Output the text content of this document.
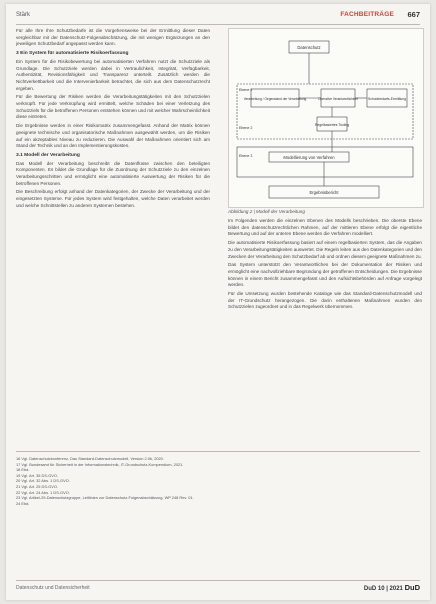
Stärk	FACHBEITRÄGE 667

Für alle Ihre Ihre Schutzbedarfe ist die Vorgehensweise bei der Ermittlung dieser Daten vergleichbar mit der Datenschutz-Folgenabschätzung, die mit wenigen Ergänzungen an den jeweiligen Schutzbedarf angepasst werden kann.

3 Ein System für automatisierte Risikoerfassung

Ein System für die Risikobewertung bei automatisierten Verfahren nutzt die Schutzziele als Grundlage. Die Schutzziele werden dabei in Vertraulichkeit, Integrität, Verfügbarkeit, Authentizität, Revisionsfähigkeit und Transparenz unterteilt. Zusätzlich werden die Nichtverkettbarkeit und die Intervenierbarkeit betrachtet, die sich aus dem Datenschutzrecht ergeben.

Für die Bewertung der Risiken werden die Verarbeitungstätigkeiten mit den Schutzzielen verknüpft. Für jede Verknüpfung wird ermittelt, welche Schäden bei einer Verletzung des Schutzziels für die betroffenen Personen entstehen können und mit welcher Wahrscheinlichkeit diese eintreten.

Die Ergebnisse werden in einer Risikomatrix zusammengefasst. Anhand der Matrix können geeignete technische und organisatorische Maßnahmen ausgewählt werden, um die Risiken auf ein akzeptables Niveau zu reduzieren. Die Auswahl der Maßnahmen orientiert sich am Stand der Technik und an den Implementierungskosten.

3.1 Modell der Verarbeitung

Das Modell der Verarbeitung beschreibt die Datenflüsse zwischen den beteiligten Komponenten. Es bildet die Grundlage für die Zuordnung der Schutzziele zu den einzelnen Verarbeitungsschritten und ermöglicht eine automatisierte Auswertung der Risiken für die betroffenen Personen.

Die Beschreibung erfolgt anhand der Datenkategorien, der Zwecke der Verarbeitung und der eingesetzten Systeme. Für jedes System wird festgehalten, welche Daten verarbeitet werden und welche Schnittstellen zu anderen Systemen bestehen.

Datenschutz
Verarbeitung / Gegenstand der Verarbeitung	Operative Verantwortlichkeit	Schutzbedarfs-Ermittlung
Regelbasiertes Tooling
Modellierung von Verfahren
Ergebnisbericht
Ebene 1
Ebene 2
Ebene 3
Abbildung 2 | Modell der Verarbeitung

Im Folgenden werden die einzelnen Ebenen des Modells beschrieben. Die oberste Ebene bildet den datenschutzrechtlichen Rahmen, auf der mittleren Ebene erfolgt die eigentliche Bewertung und auf der unteren Ebene werden die Verfahren modelliert.

Die automatisierte Risikoerfassung basiert auf einem regelbasierten System, das die Angaben zu den Verarbeitungstätigkeiten auswertet. Die Regeln leiten aus den Datenkategorien und den Zwecken der Verarbeitung den Schutzbedarf ab und ordnen diesem geeignete Maßnahmen zu.

Das System unterstützt den Verantwortlichen bei der Dokumentation der Risiken und ermöglicht eine nachvollziehbare Begründung der getroffenen Entscheidungen. Die Ergebnisse können in einem Bericht zusammengefasst und den Aufsichtsbehörden auf Anfrage vorgelegt werden.

Für die Umsetzung wurden bestehende Kataloge wie das Standard-Datenschutzmodell und der IT-Grundschutz herangezogen. Die darin enthaltenen Maßnahmen wurden den Schutzzielen zugeordnet und in das Regelwerk übernommen.

16 Vgl. Datenschutzkonferenz, Das Standard-Datenschutzmodell, Version 2.0b, 2020.
17 Vgl. Bundesamt für Sicherheit in der Informationstechnik, IT-Grundschutz-Kompendium, 2021.
18 Ebd.
19 Vgl. Art. 35 DS-GVO.
20 Vgl. Art. 32 Abs. 1 DS-GVO.
21 Vgl. Art. 25 DS-GVO.
22 Vgl. Art. 24 Abs. 1 DS-GVO.
23 Vgl. Artikel-29-Datenschutzgruppe, Leitlinien zur Datenschutz-Folgenabschätzung, WP 248 Rev. 01.
24 Ebd.
Datenschutz und Datensicherheit	DuD 10 | 2021 DuD
